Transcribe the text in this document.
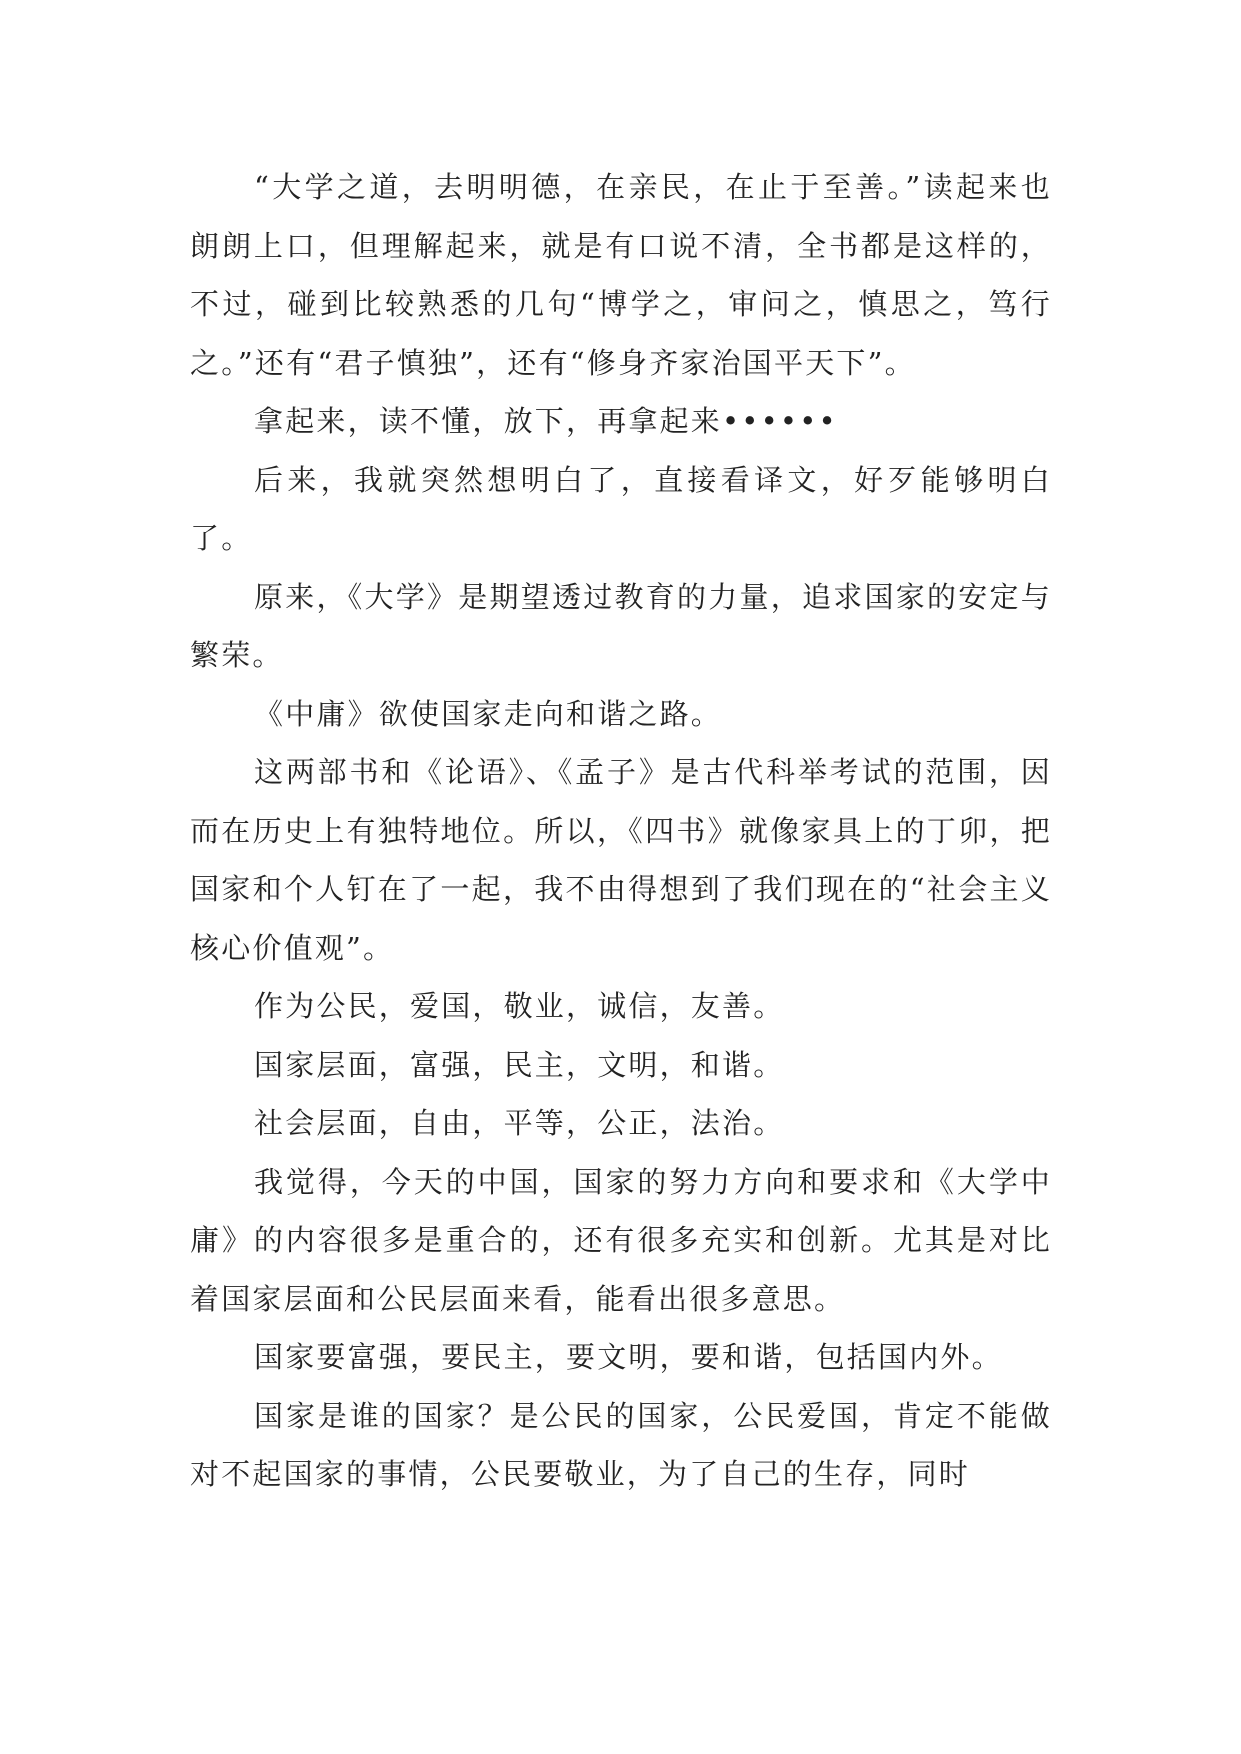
“大学之道，去明明德，在亲民，在止于至善。”读起来也朗朗上口，但理解起来，就是有口说不清，全书都是这样的，不过，碰到比较熟悉的几句“博学之，审问之，慎思之，笃行之。”还有“君子慎独”，还有“修身齐家治国平天下”。

拿起来，读不懂，放下，再拿起来••••••

后来，我就突然想明白了，直接看译文，好歹能够明白了。

原来，《大学》是期望透过教育的力量，追求国家的安定与繁荣。

《中庸》欲使国家走向和谐之路。

这两部书和《论语》、《孟子》是古代科举考试的范围，因而在历史上有独特地位。所以，《四书》就像家具上的丁卯，把国家和个人钉在了一起，我不由得想到了我们现在的“社会主义核心价值观”。

作为公民，爱国，敬业，诚信，友善。

国家层面，富强，民主，文明，和谐。

社会层面，自由，平等，公正，法治。

我觉得，今天的中国，国家的努力方向和要求和《大学中庸》的内容很多是重合的，还有很多充实和创新。尤其是对比着国家层面和公民层面来看，能看出很多意思。

国家要富强，要民主，要文明，要和谐，包括国内外。

国家是谁的国家？是公民的国家，公民爱国，肯定不能做对不起国家的事情，公民要敬业，为了自己的生存，同时
